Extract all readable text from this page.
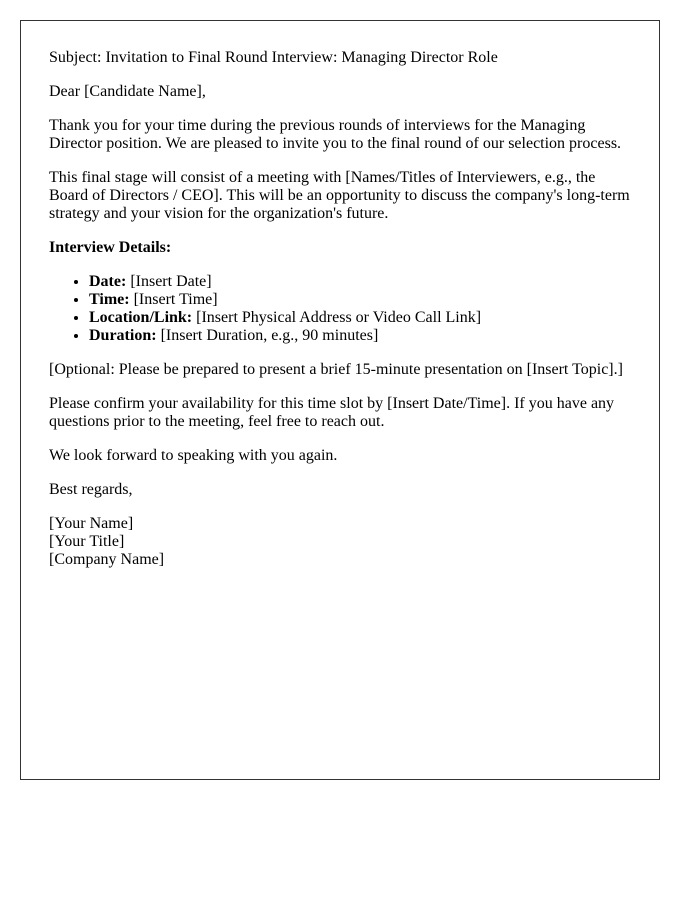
Subject: Invitation to Final Round Interview: Managing Director Role

Dear [Candidate Name],

Thank you for your time during the previous rounds of interviews for the Managing Director position. We are pleased to invite you to the final round of our selection process.

This final stage will consist of a meeting with [Names/Titles of Interviewers, e.g., the Board of Directors / CEO]. This will be an opportunity to discuss the company's long-term strategy and your vision for the organization's future.

Interview Details:

• Date: [Insert Date]
• Time: [Insert Time]
• Location/Link: [Insert Physical Address or Video Call Link]
• Duration: [Insert Duration, e.g., 90 minutes]

[Optional: Please be prepared to present a brief 15-minute presentation on [Insert Topic].]

Please confirm your availability for this time slot by [Insert Date/Time]. If you have any questions prior to the meeting, feel free to reach out.

We look forward to speaking with you again.

Best regards,

[Your Name]
[Your Title]
[Company Name]
